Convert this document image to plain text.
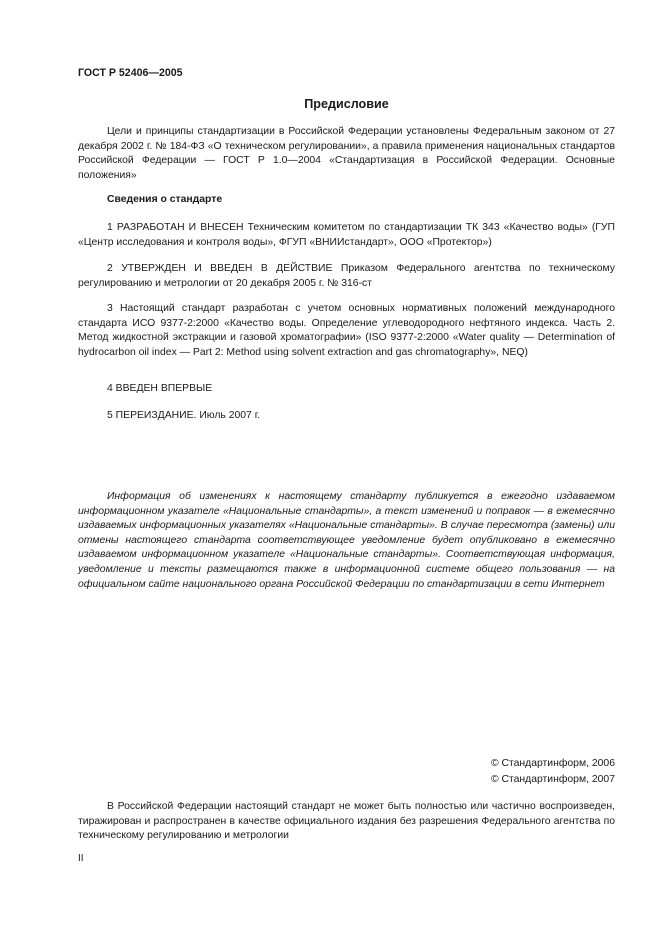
ГОСТ Р 52406—2005
Предисловие

Цели и принципы стандартизации в Российской Федерации установлены Федеральным законом от 27 декабря 2002 г. № 184-ФЗ «О техническом регулировании», а правила применения национальных стандартов Российской Федерации — ГОСТ Р 1.0—2004 «Стандартизация в Российской Федерации. Основные положения»

Сведения о стандарте

1 РАЗРАБОТАН И ВНЕСЕН Техническим комитетом по стандартизации ТК 343 «Качество воды» (ГУП «Центр исследования и контроля воды», ФГУП «ВНИИстандарт», ООО «Протектор»)

2 УТВЕРЖДЕН И ВВЕДЕН В ДЕЙСТВИЕ Приказом Федерального агентства по техническому регулированию и метрологии от 20 декабря 2005 г. № 316-ст

3 Настоящий стандарт разработан с учетом основных нормативных положений международного стандарта ИСО 9377-2:2000 «Качество воды. Определение углеводородного нефтяного индекса. Часть 2. Метод жидкостной экстракции и газовой хроматографии» (ISO 9377-2:2000 «Water quality — Determination of hydrocarbon oil index — Part 2: Method using solvent extraction and gas chromatography», NEQ)

4 ВВЕДЕН ВПЕРВЫЕ

5 ПЕРЕИЗДАНИЕ. Июль 2007 г.

Информация об изменениях к настоящему стандарту публикуется в ежегодно издаваемом информационном указателе «Национальные стандарты», а текст изменений и поправок — в ежемесячно издаваемых информационных указателях «Национальные стандарты». В случае пересмотра (замены) или отмены настоящего стандарта соответствующее уведомление будет опубликовано в ежемесячно издаваемом информационном указателе «Национальные стандарты». Соответствующая информация, уведомление и тексты размещаются также в информационной системе общего пользования — на официальном сайте национального органа Российской Федерации по стандартизации в сети Интернет

© Стандартинформ, 2006
© Стандартинформ, 2007

В Российской Федерации настоящий стандарт не может быть полностью или частично воспроизведен, тиражирован и распространен в качестве официального издания без разрешения Федерального агентства по техническому регулированию и метрологии

II
